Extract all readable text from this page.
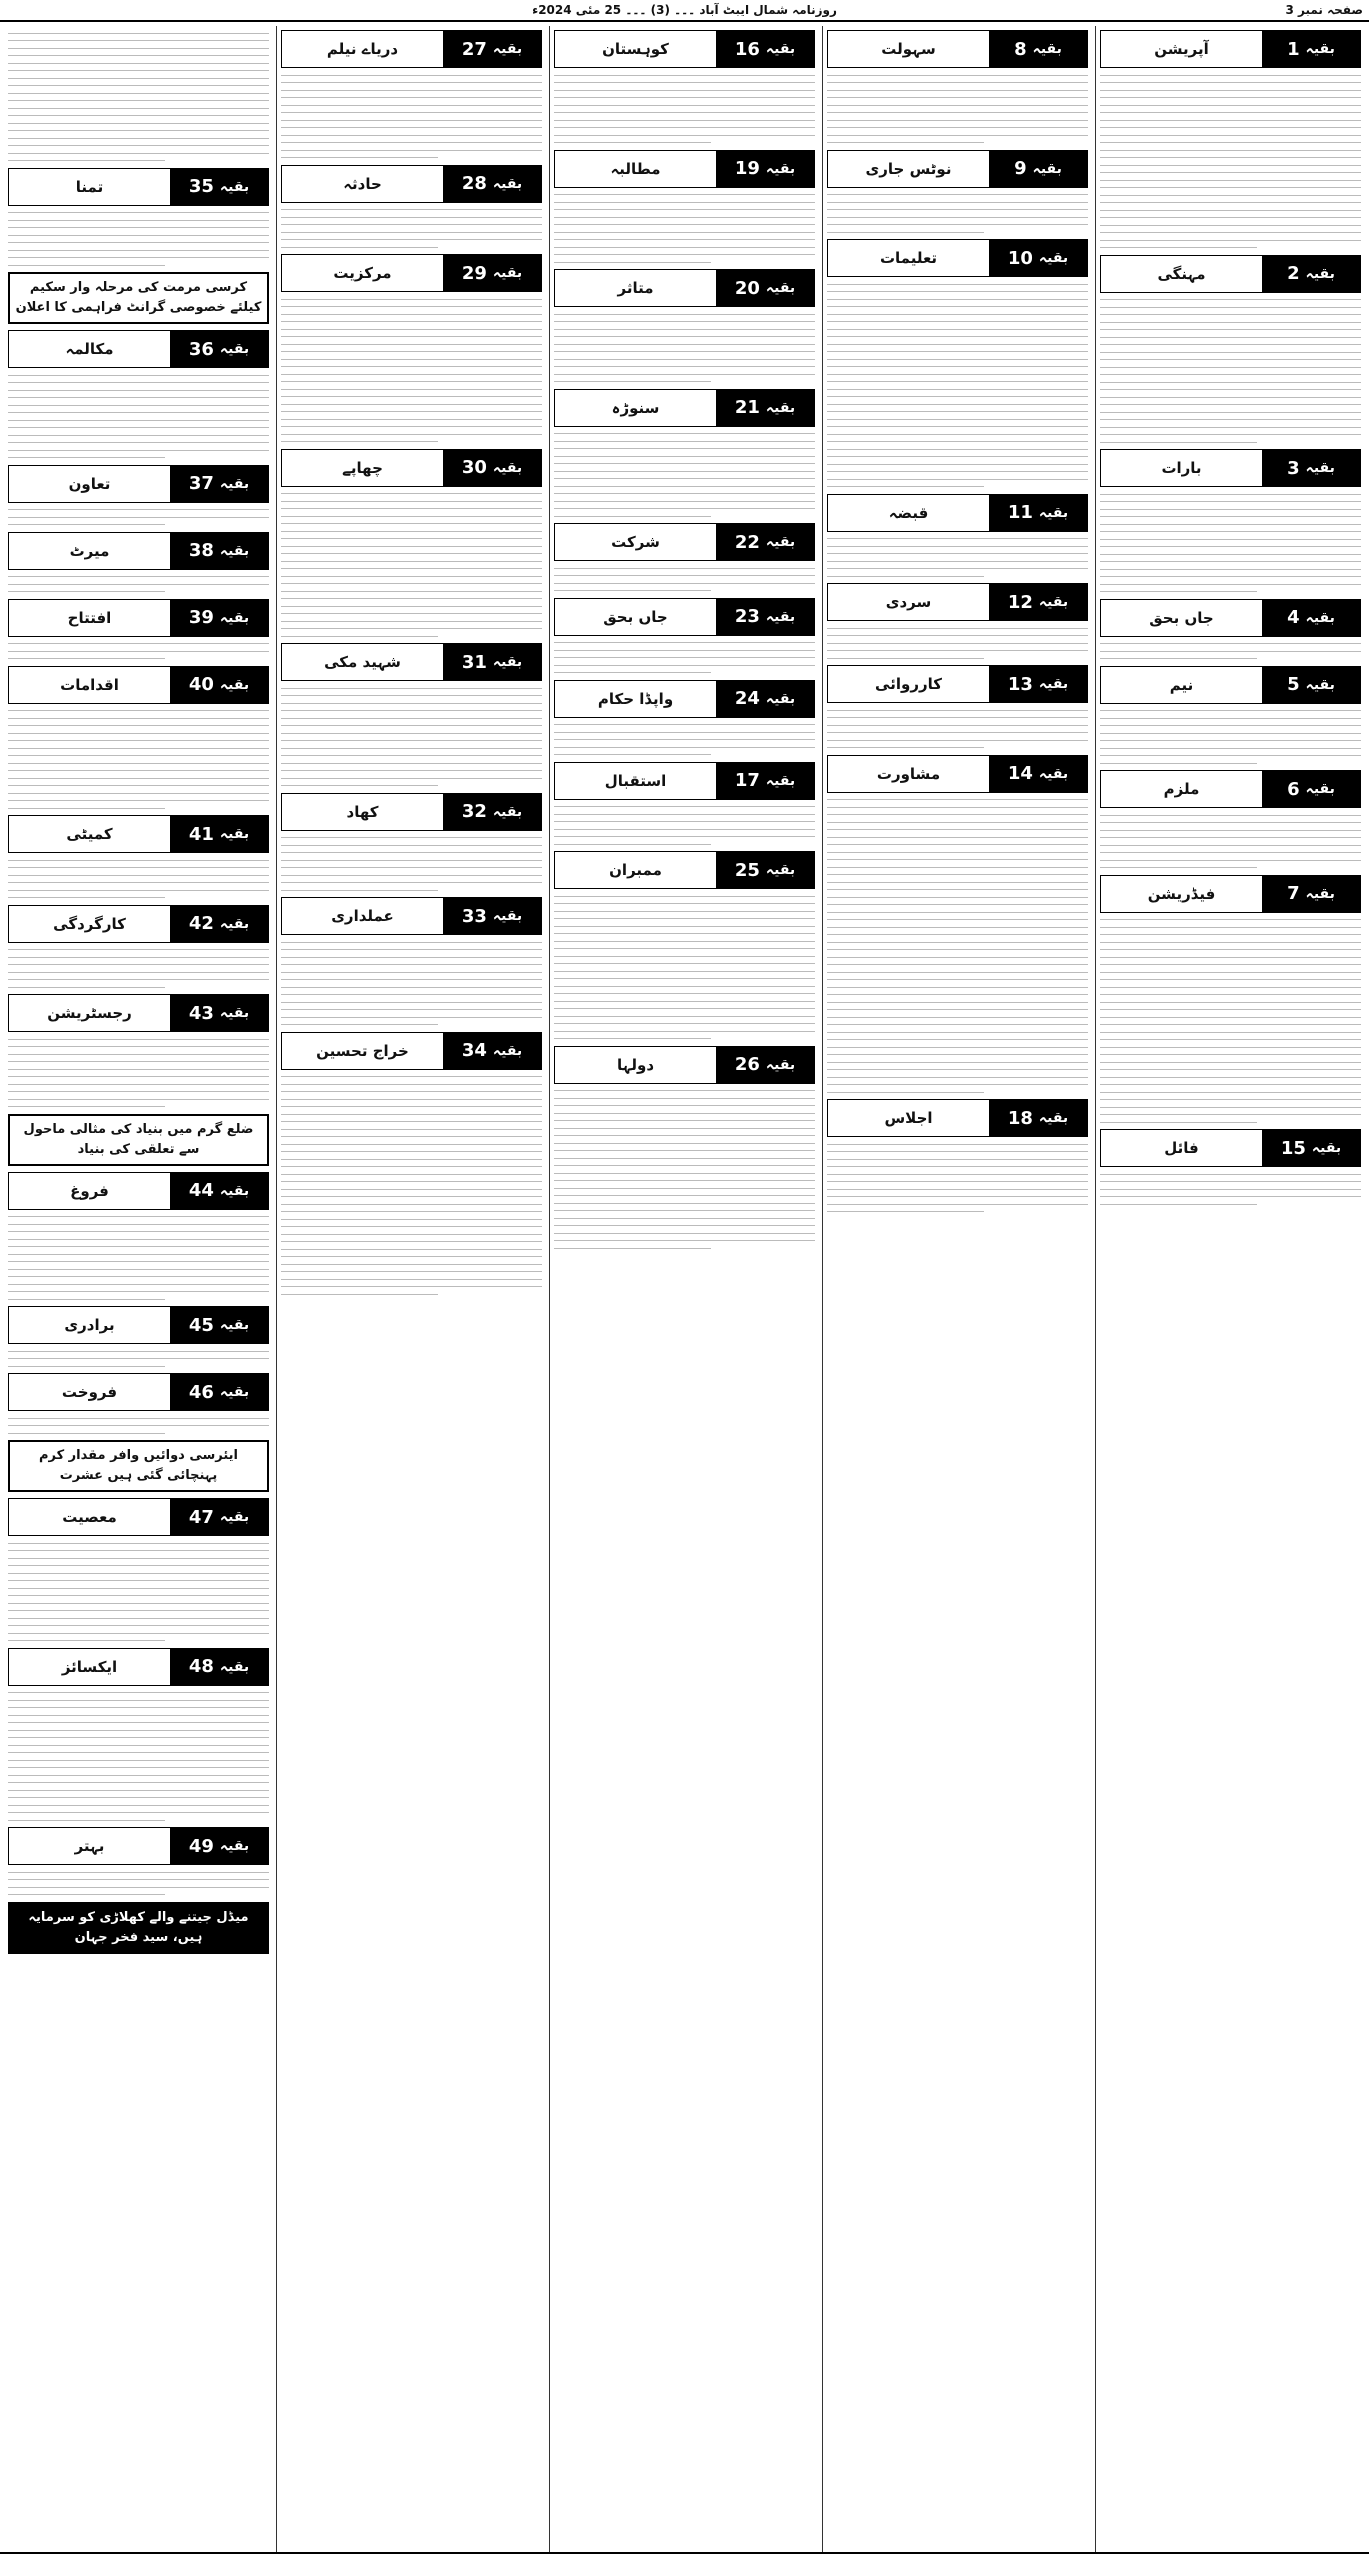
صفحہ نمبر 3
روزنامہ شمال ایبٹ آباد ۔۔۔ (3) ۔۔۔ 25 مئی 2024ء
بقیہ
1
آپریشن
بقیہ
2
مہنگی
بقیہ
3
بارات
بقیہ
4
جاں بحق
بقیہ
5
نیم
بقیہ
6
ملزم
بقیہ
7
فیڈریشن
بقیہ
15
فائل
بقیہ
8
سہولت
بقیہ
9
نوٹس جاری
بقیہ
10
تعلیمات
بقیہ
11
قبضہ
بقیہ
12
سردی
بقیہ
13
کارروائی
بقیہ
14
مشاورت
بقیہ
18
اجلاس
بقیہ
16
کوہستان
بقیہ
19
مطالبہ
بقیہ
20
متاثر
بقیہ
21
سنوڑہ
بقیہ
22
شرکت
بقیہ
23
جاں بحق
بقیہ
24
واپڈا حکام
بقیہ
17
استقبال
بقیہ
25
ممبران
بقیہ
26
دولہا
بقیہ
27
دریاے نیلم
بقیہ
28
حادثہ
بقیہ
29
مرکزیت
بقیہ
30
چھاپے
بقیہ
31
شہید مکی
بقیہ
32
کھاد
بقیہ
33
عملداری
بقیہ
34
خراج تحسین
بقیہ
35
تمنا
کرسی مرمت کی مرحلہ وار سکیم کیلئے خصوصی گرانٹ فراہمی کا اعلان
بقیہ
36
مکالمہ
بقیہ
37
تعاون
بقیہ
38
میرٹ
بقیہ
39
افتتاح
بقیہ
40
اقدامات
بقیہ
41
کمیٹی
بقیہ
42
کارگردگی
بقیہ
43
رجسٹریشن
ضلع گرم میں بنیاد کی مثالی ماحول سے تعلقی کی بنیاد
بقیہ
44
فروغ
بقیہ
45
برادری
بقیہ
46
فروخت
ایئرسی دوائیں وافر مقدار کرم پہنچائی گئی ہیں عشرت
بقیہ
47
معصیت
بقیہ
48
ایکسائز
بقیہ
49
بہتر
میڈل جیتنے والے کھلاڑی کو سرمایہ ہیں، سید فخر جہان
